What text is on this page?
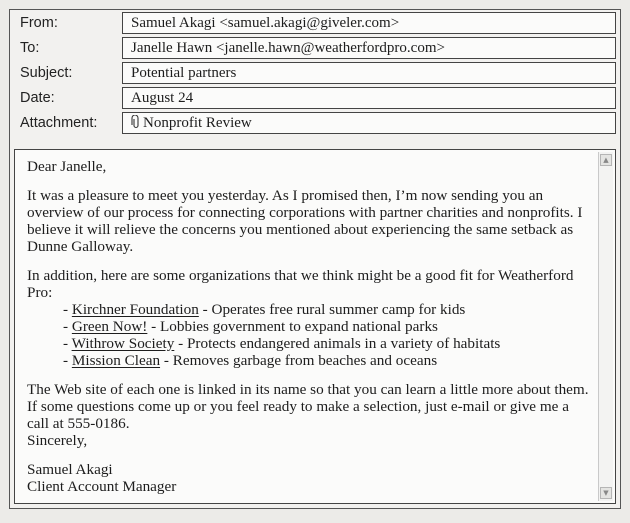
From:	Samuel Akagi <samuel.akagi@giveler.com>
To:	Janelle Hawn <janelle.hawn@weatherfordpro.com>
Subject:	Potential partners
Date:	August 24
Attachment:	Nonprofit Review

Dear Janelle,

It was a pleasure to meet you yesterday. As I promised then, I’m now sending you an overview of our process for connecting corporations with partner charities and nonprofits. I believe it will relieve the concerns you mentioned about experiencing the same setback as Dunne Galloway.

In addition, here are some organizations that we think might be a good fit for Weatherford Pro:

- Kirchner Foundation - Operates free rural summer camp for kids
- Green Now! - Lobbies government to expand national parks
- Withrow Society - Protects endangered animals in a variety of habitats
- Mission Clean - Removes garbage from beaches and oceans

The Web site of each one is linked in its name so that you can learn a little more about them. If some questions come up or you feel ready to make a selection, just e-mail or give me a call at 555-0186.

Sincerely,

Samuel Akagi

Client Account Manager

▲
▼
